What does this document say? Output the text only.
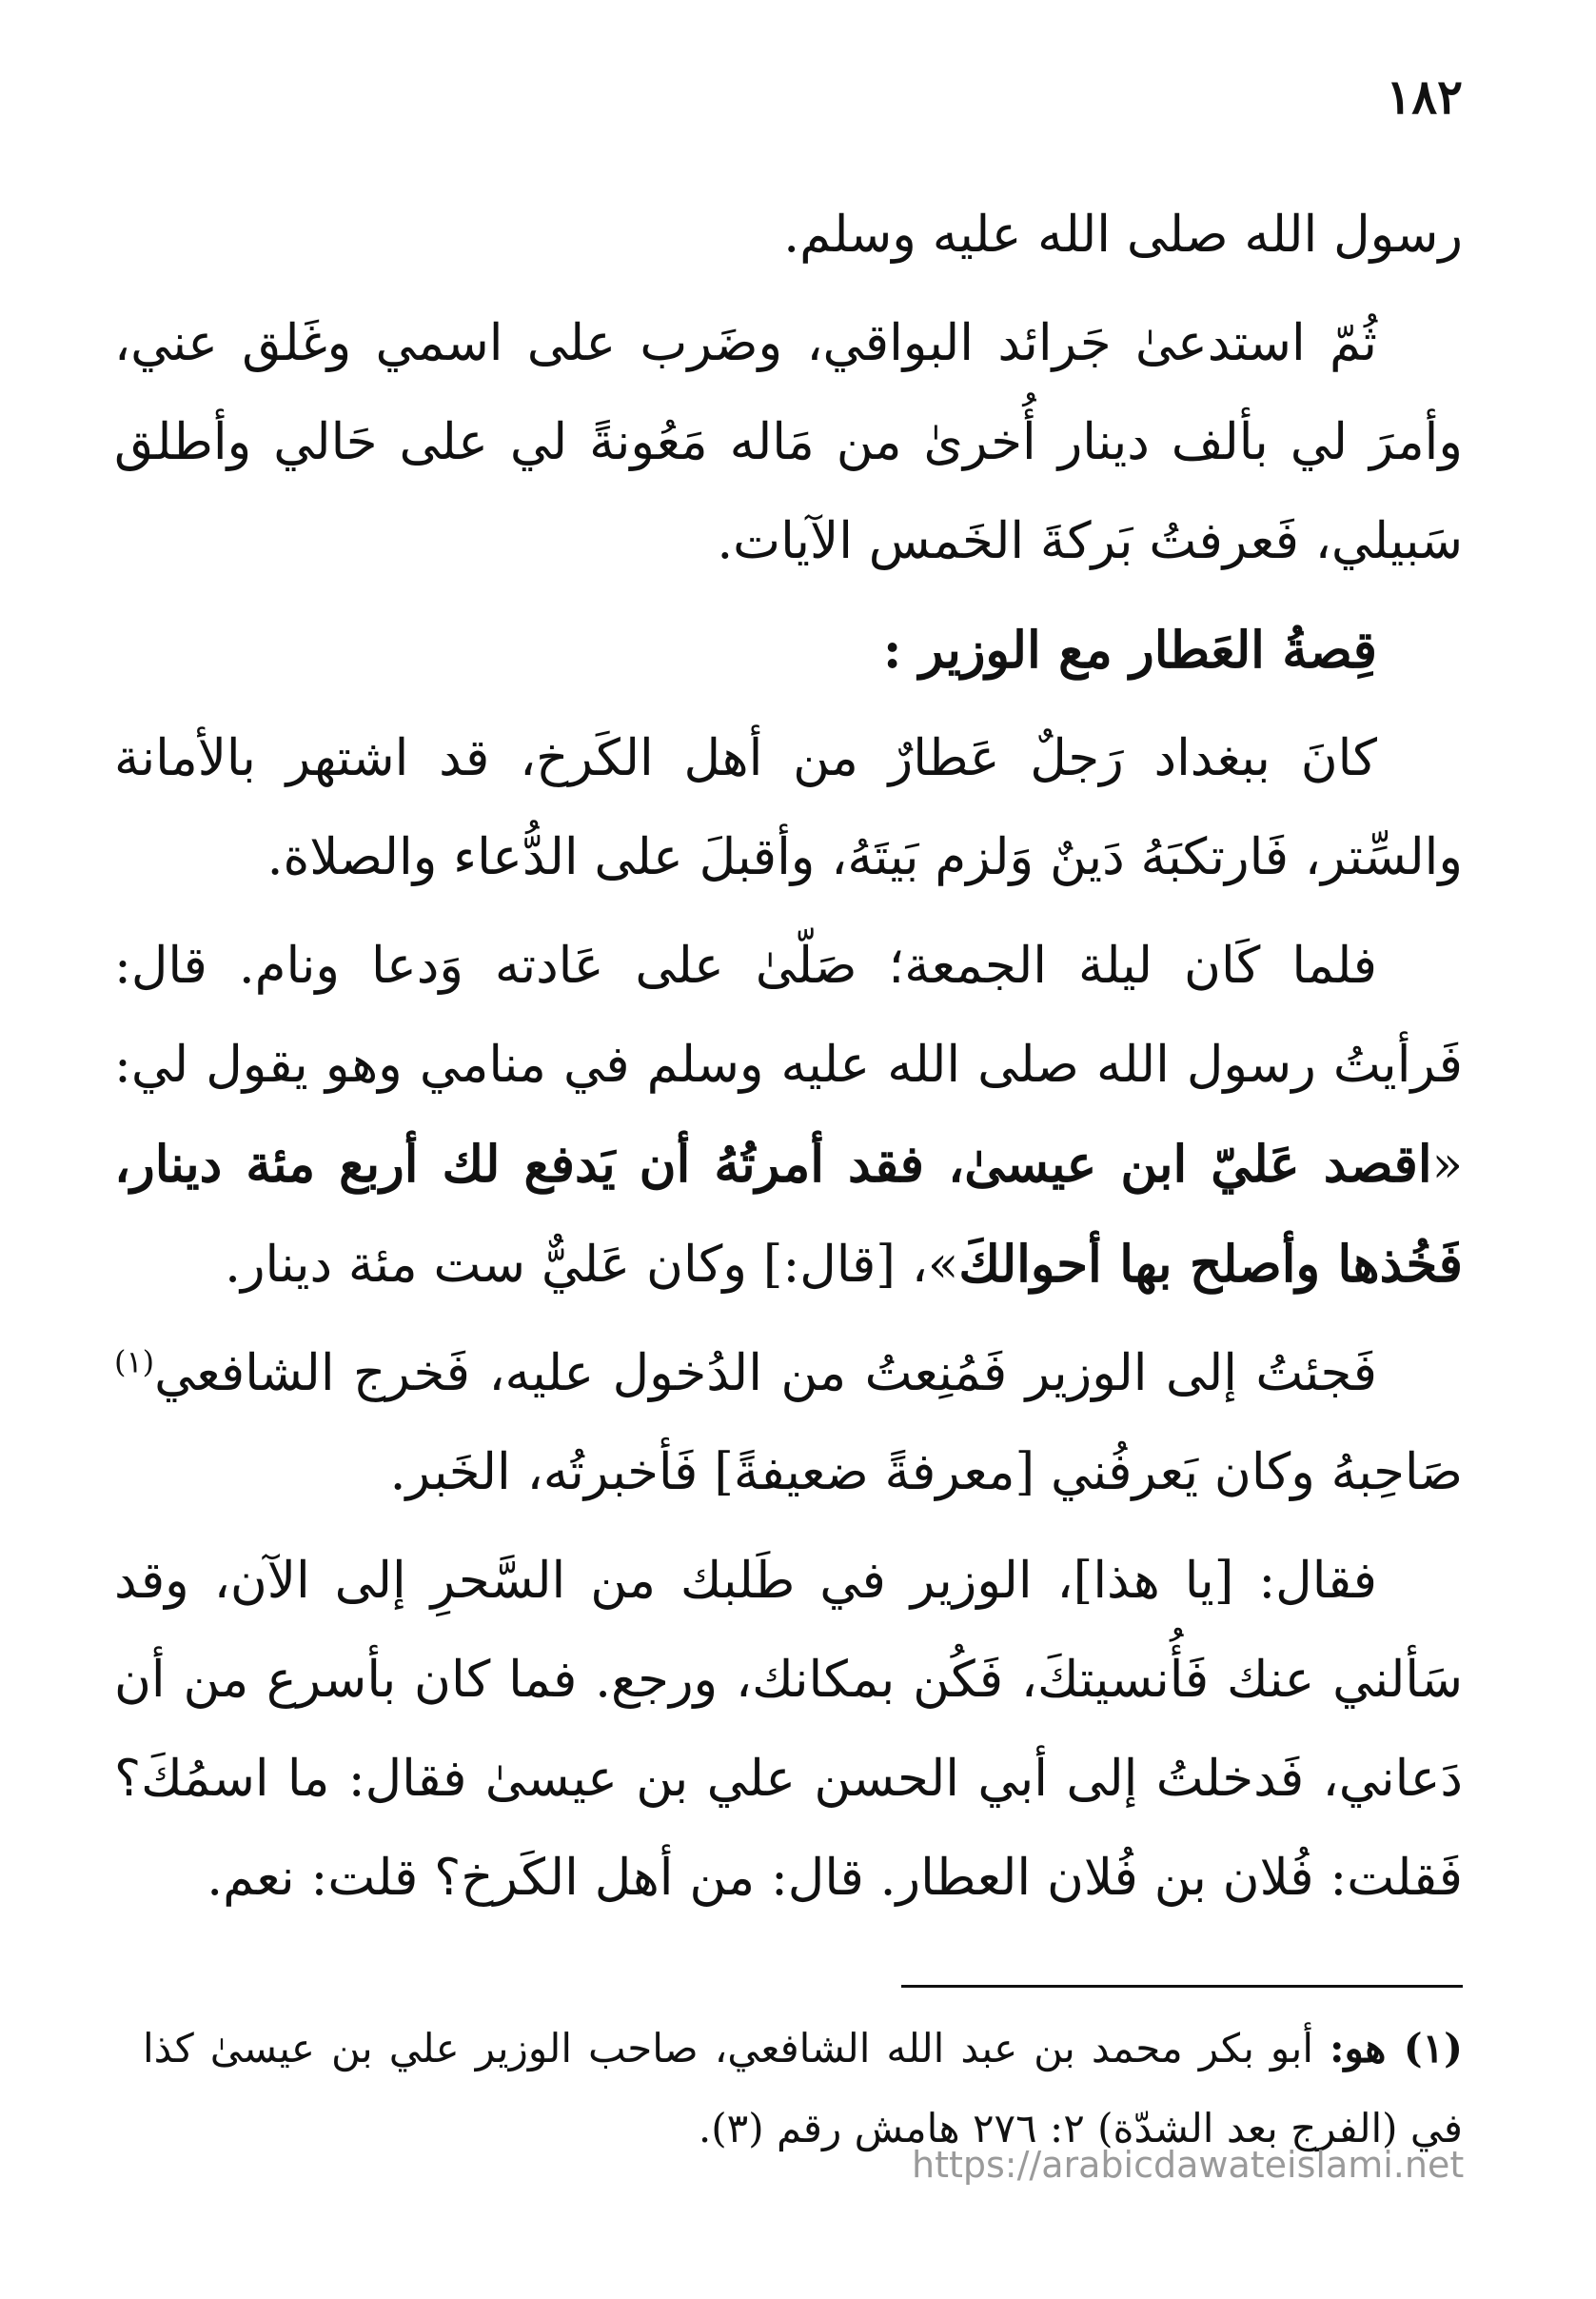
١٨٢

رسول الله صلى الله عليه وسلم.

ثُمّ استدعىٰ جَرائد البواقي، وضَرب على اسمي وغَلق عني، وأمرَ لي بألف دينار أُخرىٰ من مَاله مَعُونةً لي على حَالي وأطلق سَبيلي، فَعرفتُ بَركةَ الخَمس الآيات.

قِصةُ العَطار مع الوزير :

كانَ ببغداد رَجلٌ عَطارٌ من أهل الكَرخ، قد اشتهر بالأمانة والسِّتر، فَارتكبَهُ دَينٌ وَلزم بَيتَهُ، وأقبلَ على الدُّعاء والصلاة.

فلما كَان ليلة الجمعة؛ صَلّىٰ على عَادته وَدعا ونام. قال: فَرأيتُ رسول الله صلى الله عليه وسلم في منامي وهو يقول لي: «اقصد عَليّ ابن عيسىٰ، فقد أمرتُهُ أن يَدفع لك أربع مئة دينار، فَخُذها وأصلح بها أحوالكَ»، [قال:] وكان عَليٌّ ست مئة دينار.

فَجئتُ إلى الوزير فَمُنِعتُ من الدُخول عليه، فَخرج الشافعي$^{(١)}$ صَاحِبهُ وكان يَعرفُني [معرفةً ضعيفةً] فَأخبرتُه، الخَبر.

فقال: [يا هذا]، الوزير في طَلبك من السَّحرِ إلى الآن، وقد سَألني عنك فَأُنسيتكَ، فَكُن بمكانك، ورجع. فما كان بأسرع من أن دَعاني، فَدخلتُ إلى أبي الحسن علي بن عيسىٰ فقال: ما اسمُكَ؟ فَقلت: فُلان بن فُلان العطار. قال: من أهل الكَرخ؟ قلت: نعم.

(١) هو: أبو بكر محمد بن عبد الله الشافعي، صاحب الوزير علي بن عيسىٰ كذا في (الفرج بعد الشدّة) ٢: ٢٧٦ هامش رقم (٣).
https://arabicdawateislami.net
